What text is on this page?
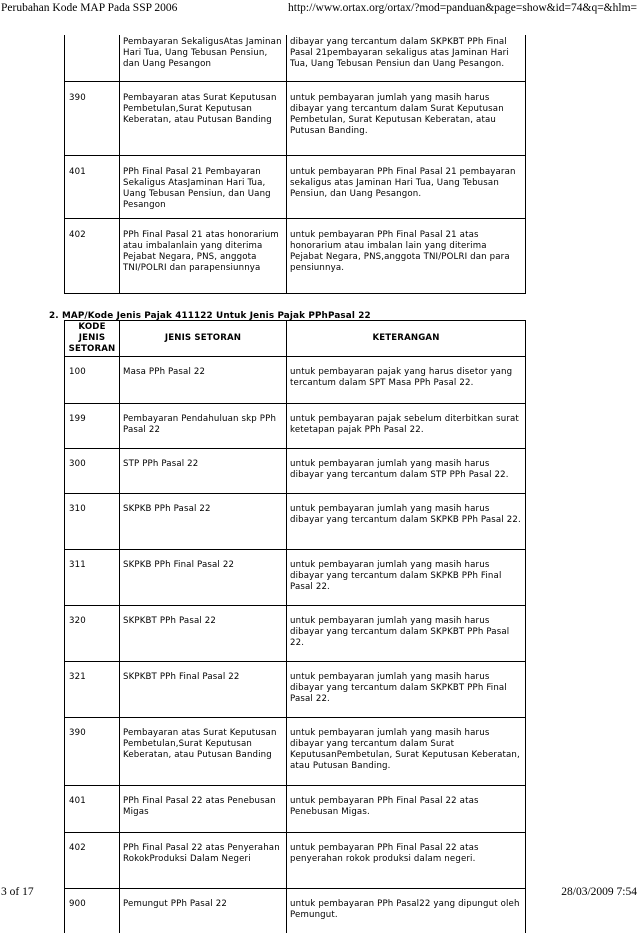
Perubahan Kode MAP Pada SSP 2006	http://www.ortax.org/ortax/?mod=panduan&page=show&id=74&q=&hlm=
	Pembayaran SekaligusAtas Jaminan Hari Tua, Uang Tebusan Pensiun, dan Uang Pesangon	dibayar yang tercantum dalam SKPKBT PPh Final Pasal 21pembayaran sekaligus atas Jaminan Hari Tua, Uang Tebusan Pensiun dan Uang Pesangon.
390	Pembayaran atas Surat Keputusan Pembetulan,Surat Keputusan Keberatan, atau Putusan Banding	untuk pembayaran jumlah yang masih harus dibayar yang tercantum dalam Surat Keputusan Pembetulan, Surat Keputusan Keberatan, atau Putusan Banding.
401	PPh Final Pasal 21 Pembayaran Sekaligus AtasJaminan Hari Tua, Uang Tebusan Pensiun, dan Uang Pesangon	untuk pembayaran PPh Final Pasal 21 pembayaran sekaligus atas Jaminan Hari Tua, Uang Tebusan Pensiun, dan Uang Pesangon.
402	PPh Final Pasal 21 atas honorarium atau imbalanlain yang diterima Pejabat Negara, PNS, anggota TNI/POLRI dan parapensiunnya	untuk pembayaran PPh Final Pasal 21 atas honorarium atau imbalan lain yang diterima Pejabat Negara, PNS,anggota TNI/POLRI dan para pensiunnya.
2. MAP/Kode Jenis Pajak 411122 Untuk Jenis Pajak PPhPasal 22
KODE JENIS SETORAN	JENIS SETORAN	KETERANGAN
100	Masa PPh Pasal 22	untuk pembayaran pajak yang harus disetor yang tercantum dalam SPT Masa PPh Pasal 22.
199	Pembayaran Pendahuluan skp PPh Pasal 22	untuk pembayaran pajak sebelum diterbitkan surat ketetapan pajak PPh Pasal 22.
300	STP PPh Pasal 22	untuk pembayaran jumlah yang masih harus dibayar yang tercantum dalam STP PPh Pasal 22.
310	SKPKB PPh Pasal 22	untuk pembayaran jumlah yang masih harus dibayar yang tercantum dalam SKPKB PPh Pasal 22.
311	SKPKB PPh Final Pasal 22	untuk pembayaran jumlah yang masih harus dibayar yang tercantum dalam SKPKB PPh Final Pasal 22.
320	SKPKBT PPh Pasal 22	untuk pembayaran jumlah yang masih harus dibayar yang tercantum dalam SKPKBT PPh Pasal 22.
321	SKPKBT PPh Final Pasal 22	untuk pembayaran jumlah yang masih harus dibayar yang tercantum dalam SKPKBT PPh Final Pasal 22.
390	Pembayaran atas Surat Keputusan Pembetulan,Surat Keputusan Keberatan, atau Putusan Banding	untuk pembayaran jumlah yang masih harus dibayar yang tercantum dalam Surat KeputusanPembetulan, Surat Keputusan Keberatan, atau Putusan Banding.
401	PPh Final Pasal 22 atas Penebusan Migas	untuk pembayaran PPh Final Pasal 22 atas Penebusan Migas.
402	PPh Final Pasal 22 atas Penyerahan RokokProduksi Dalam Negeri	untuk pembayaran PPh Final Pasal 22 atas penyerahan rokok produksi dalam negeri.
900	Pemungut PPh Pasal 22	untuk pembayaran PPh Pasal22 yang dipungut oleh Pemungut.
3 of 17	28/03/2009 7:54
